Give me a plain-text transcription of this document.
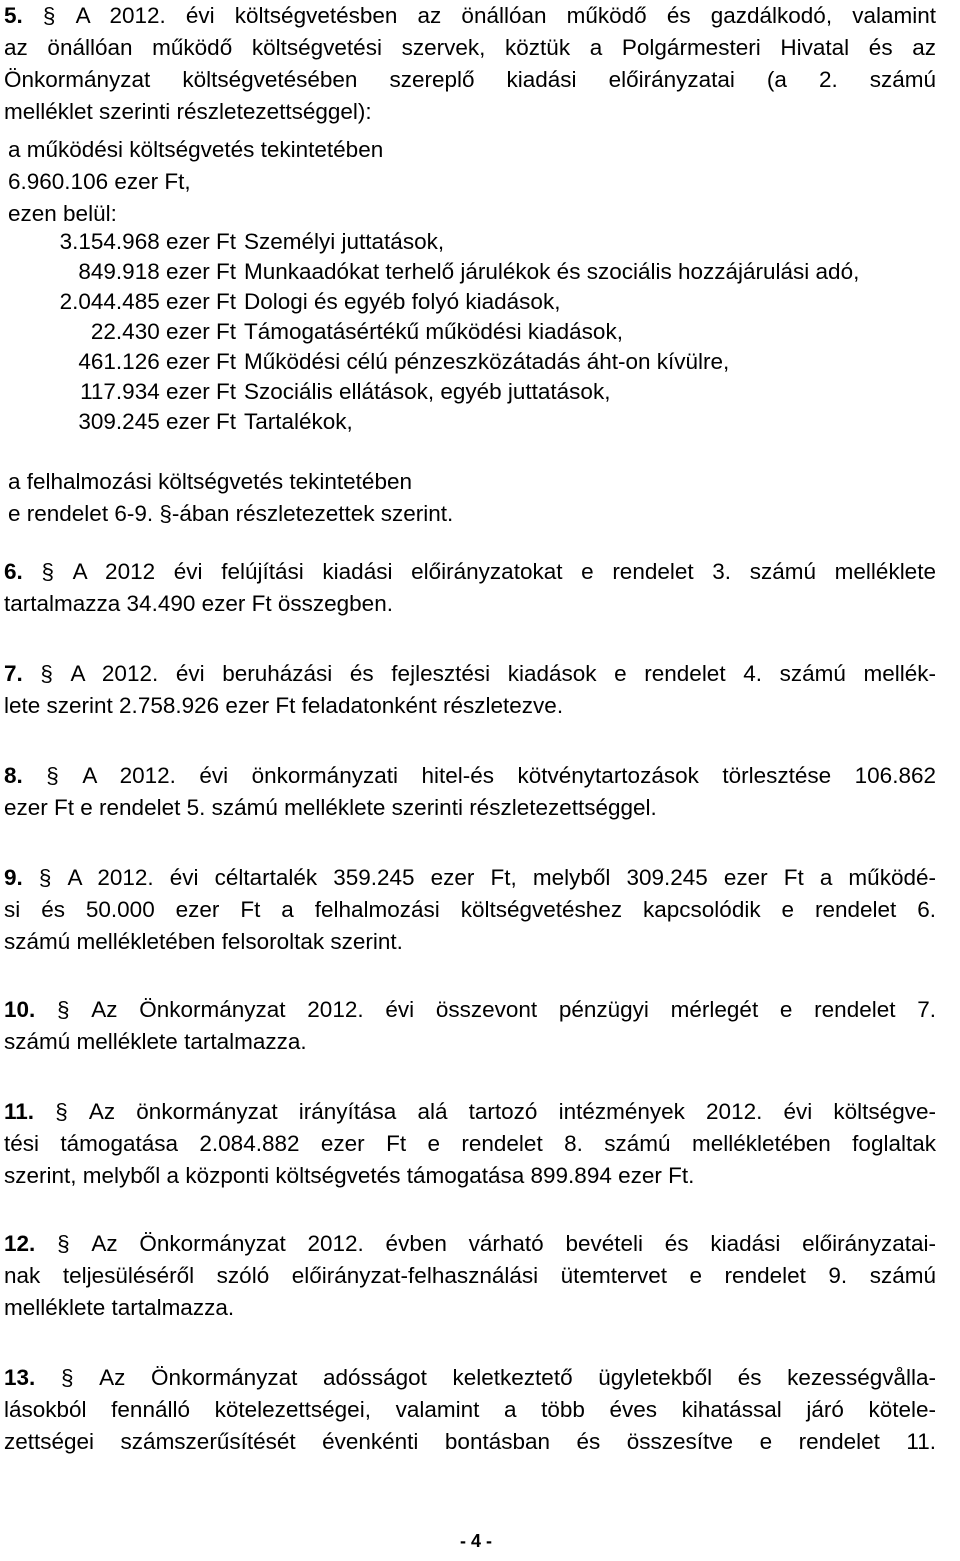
5. § A 2012. évi költségvetésben az önállóan működő és gazdálkodó, valamint
az önállóan működő költségvetési szervek, köztük a Polgármesteri Hivatal és az
Önkormányzat költségvetésében szereplő kiadási előirányzatai (a 2. számú
melléklet szerinti részletezettséggel):
a működési költségvetés tekintetében
6.960.106 ezer Ft,
ezen belül:
3.154.968 ezer Ft Személyi juttatások,
849.918 ezer Ft Munkaadókat terhelő járulékok és szociális hozzájárulási adó,
2.044.485 ezer Ft Dologi és egyéb folyó kiadások,
22.430 ezer Ft Támogatásértékű működési kiadások,
461.126 ezer Ft Működési célú pénzeszközátadás áht-on kívülre,
117.934 ezer Ft Szociális ellátások, egyéb juttatások,
309.245 ezer Ft Tartalékok,
a felhalmozási költségvetés tekintetében
e rendelet 6-9. §-ában részletezettek szerint.
6. § A 2012 évi felújítási kiadási előirányzatokat e rendelet 3. számú melléklete
tartalmazza 34.490 ezer Ft összegben.
7. § A 2012. évi beruházási és fejlesztési kiadások e rendelet 4. számú mellék-
lete szerint 2.758.926 ezer Ft feladatonként részletezve.
8. § A 2012. évi önkormányzati hitel-és kötvénytartozások törlesztése 106.862
ezer Ft e rendelet 5. számú melléklete szerinti részletezettséggel.
9. § A 2012. évi céltartalék 359.245 ezer Ft, melyből 309.245 ezer Ft a működé-
si és 50.000 ezer Ft a felhalmozási költségvetéshez kapcsolódik e rendelet 6.
számú mellékletében felsoroltak szerint.
10. § Az Önkormányzat 2012. évi összevont pénzügyi mérlegét e rendelet 7.
számú melléklete tartalmazza.
11. § Az önkormányzat irányítása alá tartozó intézmények 2012. évi költségve-
tési támogatása 2.084.882 ezer Ft e rendelet 8. számú mellékletében foglaltak
szerint, melyből a központi költségvetés támogatása 899.894 ezer Ft.
12. § Az Önkormányzat 2012. évben várható bevételi és kiadási előirányzatai-
nak teljesüléséről szóló előirányzat-felhasználási ütemtervet e rendelet 9. számú
melléklete tartalmazza.
13. § Az Önkormányzat adósságot keletkeztető ügyletekből és kezességvålla-
lásokból fennálló kötelezettségei, valamint a több éves kihatással járó kötele-
zettségei számszerűsítését évenkénti bontásban és összesítve e rendelet 11.
- 4 -
